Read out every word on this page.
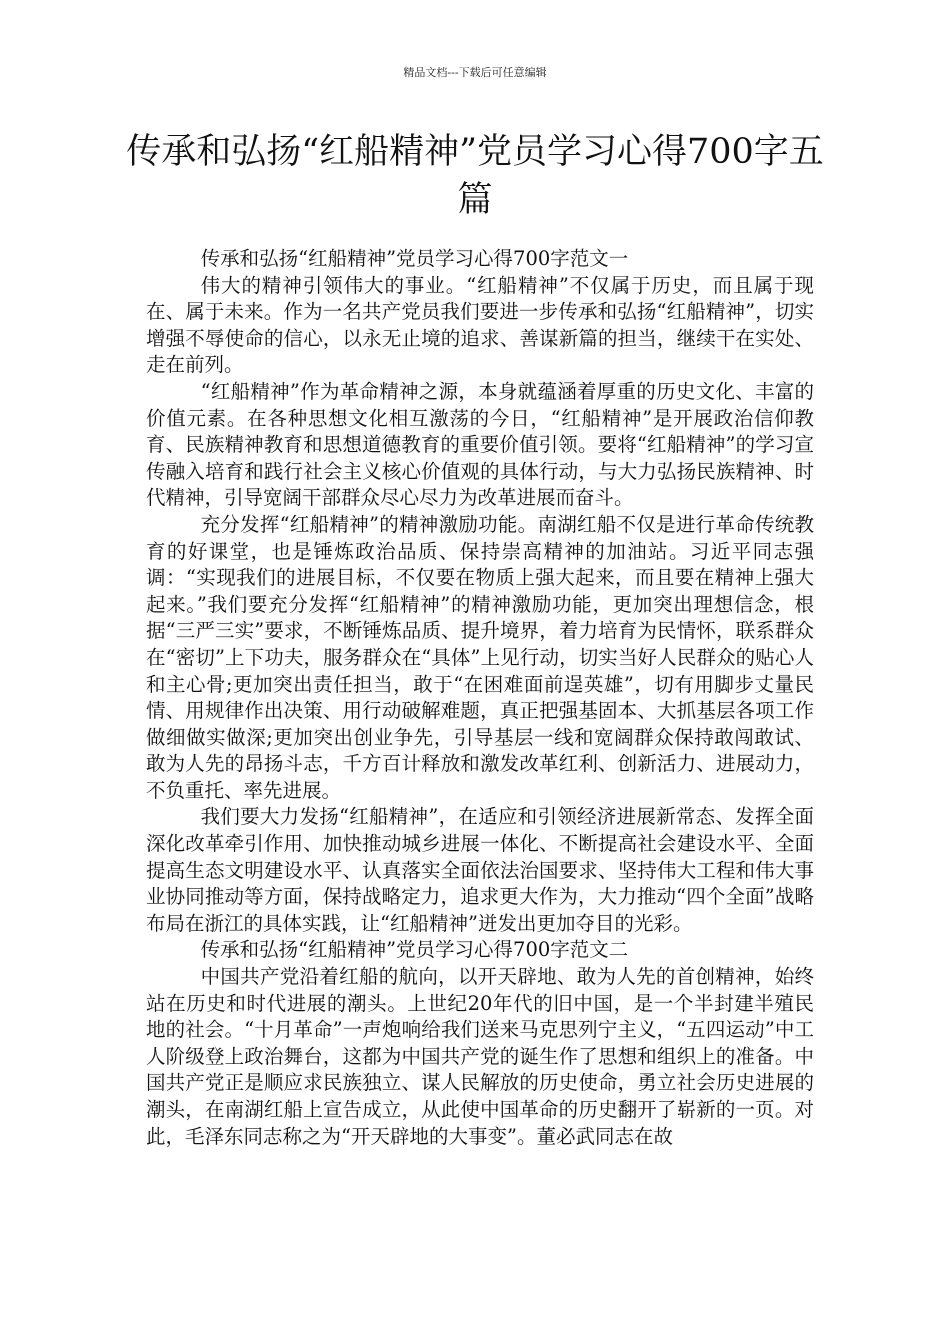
精品文档---下载后可任意编辑
传承和弘扬“红船精神”党员学习心得700字五篇

传承和弘扬“红船精神”党员学习心得700字范文一

伟大的精神引领伟大的事业。“红船精神”不仅属于历史，而且属于现在、属于未来。作为一名共产党员我们要进一步传承和弘扬“红船精神”，切实增强不辱使命的信心，以永无止境的追求、善谋新篇的担当，继续干在实处、走在前列。

“红船精神”作为革命精神之源，本身就蕴涵着厚重的历史文化、丰富的价值元素。在各种思想文化相互激荡的今日，“红船精神”是开展政治信仰教育、民族精神教育和思想道德教育的重要价值引领。要将“红船精神”的学习宣传融入培育和践行社会主义核心价值观的具体行动，与大力弘扬民族精神、时代精神，引导宽阔干部群众尽心尽力为改革进展而奋斗。

充分发挥“红船精神”的精神激励功能。南湖红船不仅是进行革命传统教育的好课堂，也是锤炼政治品质、保持崇高精神的加油站。习近平同志强调：“实现我们的进展目标，不仅要在物质上强大起来，而且要在精神上强大起来。”我们要充分发挥“红船精神”的精神激励功能，更加突出理想信念，根据“三严三实”要求，不断锤炼品质、提升境界，着力培育为民情怀，联系群众在“密切”上下功夫，服务群众在“具体”上见行动，切实当好人民群众的贴心人和主心骨;更加突出责任担当，敢于“在困难面前逞英雄”，切有用脚步丈量民情、用规律作出决策、用行动破解难题，真正把强基固本、大抓基层各项工作做细做实做深;更加突出创业争先，引导基层一线和宽阔群众保持敢闯敢试、敢为人先的昂扬斗志，千方百计释放和激发改革红利、创新活力、进展动力，不负重托、率先进展。

我们要大力发扬“红船精神”，在适应和引领经济进展新常态、发挥全面深化改革牵引作用、加快推动城乡进展一体化、不断提高社会建设水平、全面提高生态文明建设水平、认真落实全面依法治国要求、坚持伟大工程和伟大事业协同推动等方面，保持战略定力，追求更大作为，大力推动“四个全面”战略布局在浙江的具体实践，让“红船精神”迸发出更加夺目的光彩。

传承和弘扬“红船精神”党员学习心得700字范文二

中国共产党沿着红船的航向，以开天辟地、敢为人先的首创精神，始终站在历史和时代进展的潮头。上世纪20年代的旧中国，是一个半封建半殖民地的社会。“十月革命”一声炮响给我们送来马克思列宁主义，“五四运动”中工人阶级登上政治舞台，这都为中国共产党的诞生作了思想和组织上的准备。中国共产党正是顺应求民族独立、谋人民解放的历史使命，勇立社会历史进展的潮头，在南湖红船上宣告成立，从此使中国革命的历史翻开了崭新的一页。对此，毛泽东同志称之为“开天辟地的大事变”。董必武同志在故
